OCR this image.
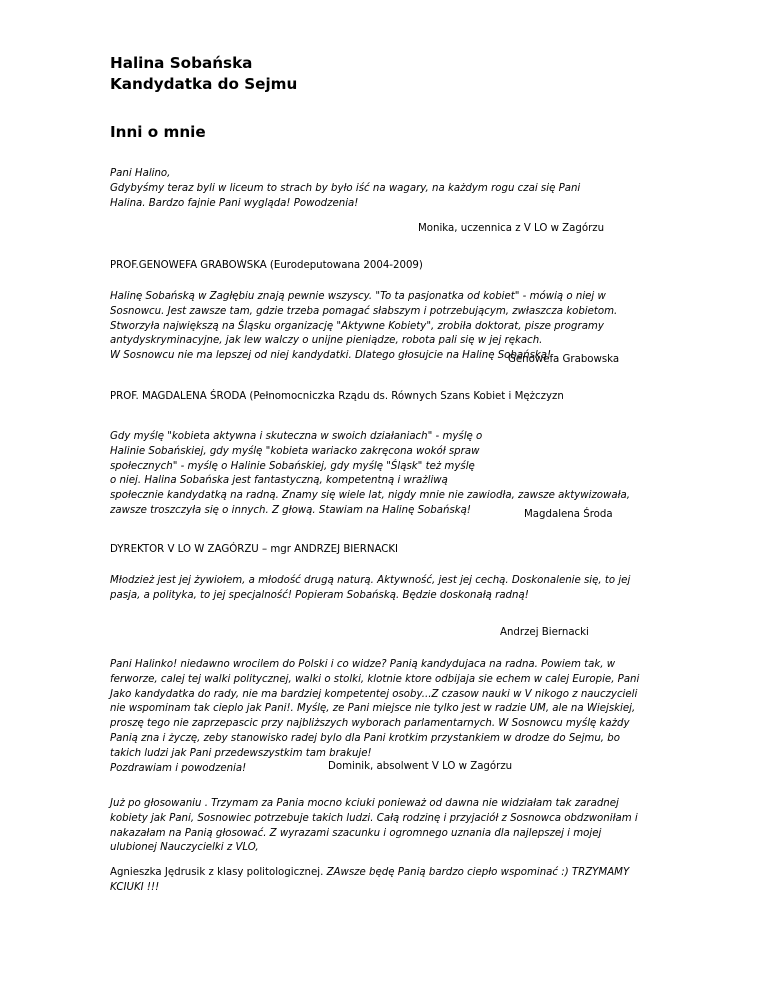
Halina Sobańska
Kandydatka do Sejmu
Inni o mnie
Pani Halino,
Gdybyśmy teraz byli w liceum to strach by było iść na wagary, na każdym rogu czai się Pani
Halina. Bardzo fajnie Pani wygląda! Powodzenia!
Monika, uczennica z V LO w Zagórzu
PROF.GENOWEFA GRABOWSKA (Eurodeputowana 2004-2009)
Halinę Sobańską w Zagłębiu znają pewnie wszyscy. "To ta pasjonatka od kobiet" - mówią o niej w
Sosnowcu. Jest zawsze tam, gdzie trzeba pomagać słabszym i potrzebującym, zwłaszcza kobietom.
Stworzyła największą na Śląsku organizację "Aktywne Kobiety", zrobiła doktorat, pisze programy
antydyskryminacyjne, jak lew walczy o unijne pieniądze, robota pali się w jej rękach.
W Sosnowcu nie ma lepszej od niej kandydatki. Dlatego głosujcie na Halinę Sobańską!
Genowefa Grabowska
PROF. MAGDALENA ŚRODA (Pełnomocniczka Rządu ds. Równych Szans Kobiet i Mężczyzn
Gdy myślę "kobieta aktywna i skuteczna w swoich działaniach" - myślę o
Halinie Sobańskiej, gdy myślę "kobieta wariacko zakręcona wokół spraw
społecznych" - myślę o Halinie Sobańskiej, gdy myślę "Śląsk" też myślę
o niej. Halina Sobańska jest fantastyczną, kompetentną i wrażliwą
społecznie kandydatką na radną. Znamy się wiele lat, nigdy mnie nie zawiodła, zawsze aktywizowała,
zawsze troszczyła się o innych. Z głową. Stawiam na Halinę Sobańską!	Magdalena Środa
DYREKTOR V LO W ZAGÓRZU – mgr ANDRZEJ BIERNACKI
Młodzież jest jej żywiołem, a młodość drugą naturą. Aktywność, jest jej cechą. Doskonalenie się, to jej
pasja, a polityka, to jej specjalność! Popieram Sobańską. Będzie doskonałą radną!
Andrzej Biernacki
Pani Halinko! niedawno wrocilem do Polski i co widze? Panią kandydujaca na radna. Powiem tak, w
ferworze, calej tej walki politycznej, walki o stolki, klotnie ktore odbijaja sie echem w calej Europie, Pani
Jako kandydatka do rady, nie ma bardziej kompetentej osoby...Z czasow nauki w V nikogo z nauczycieli
nie wspominam tak cieplo jak Pani!. Myślę, ze Pani miejsce nie tylko jest w radzie UM, ale na Wiejskiej,
proszę tego nie zaprzepascic przy najbliższych wyborach parlamentarnych. W Sosnowcu myślę każdy
Panią zna i życzę, zeby stanowisko radej bylo dla Pani krotkim przystankiem w drodze do Sejmu, bo
takich ludzi jak Pani przedewszystkim tam brakuje!
Pozdrawiam i powodzenia!	Dominik, absolwent V LO w Zagórzu
Już po głosowaniu . Trzymam za Pania mocno kciuki ponieważ od dawna nie widziałam tak zaradnej
kobiety jak Pani, Sosnowiec potrzebuje takich ludzi. Całą rodzinę i przyjaciół z Sosnowca obdzwoniłam i
nakazałam na Panią głosować. Z wyrazami szacunku i ogromnego uznania dla najlepszej i mojej
ulubionej Nauczycielki z VLO,
Agnieszka Jędrusik z klasy politologicznej. ZAwsze będę Panią bardzo ciepło wspominać :) TRZYMAMY
KCIUKI !!!
